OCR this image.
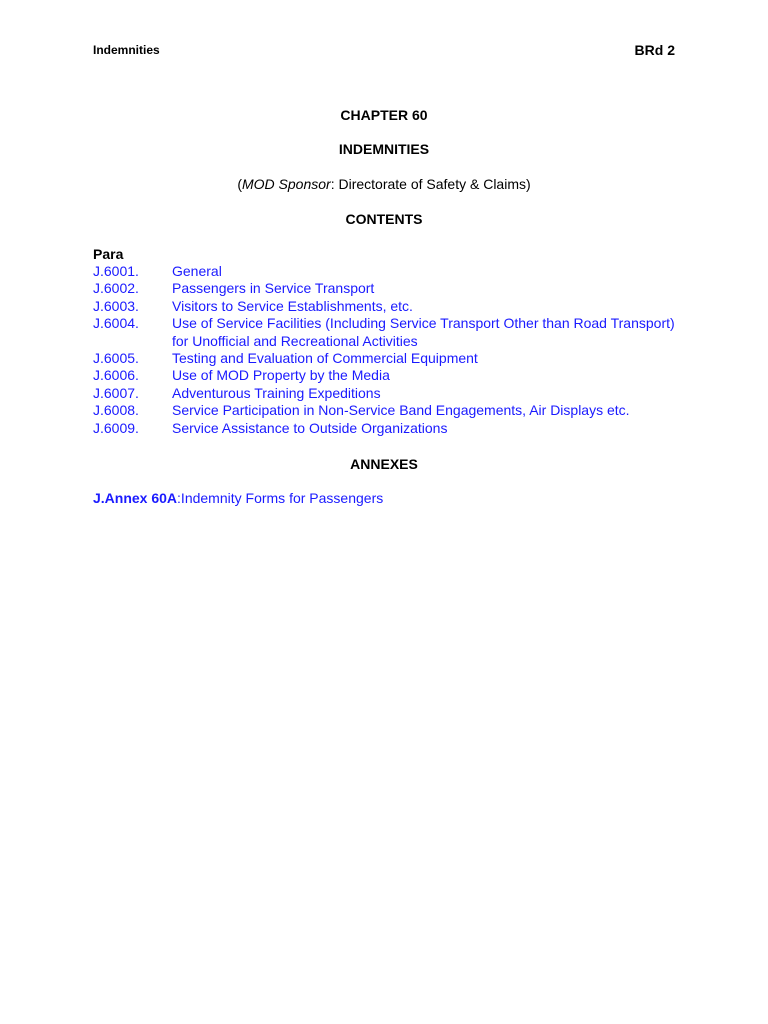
Indemnities	BRd 2
CHAPTER 60
INDEMNITIES
(MOD Sponsor: Directorate of Safety & Claims)
CONTENTS
Para
J.6001.	General
J.6002.	Passengers in Service Transport
J.6003.	Visitors to Service Establishments, etc.
J.6004.	Use of Service Facilities (Including Service Transport Other than Road Transport) for Unofficial and Recreational Activities
J.6005.	Testing and Evaluation of Commercial Equipment
J.6006.	Use of MOD Property by the Media
J.6007.	Adventurous Training Expeditions
J.6008.	Service Participation in Non-Service Band Engagements, Air Displays etc.
J.6009.	Service Assistance to Outside Organizations
ANNEXES
J.Annex 60A:Indemnity Forms for Passengers
